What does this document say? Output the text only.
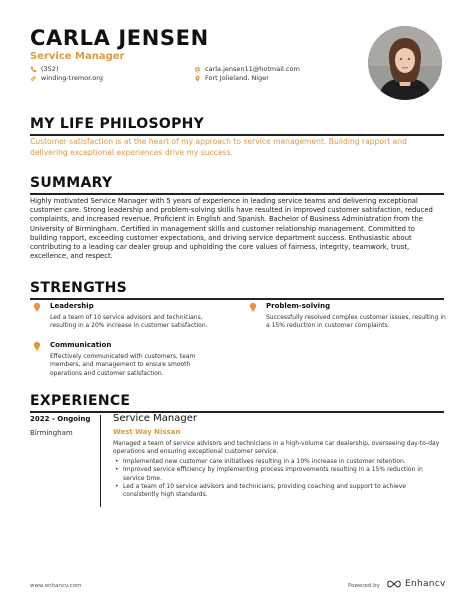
CARLA JENSEN
Service Manager
(352)
winding-tremor.org
carla.jensen11@hotmail.com
Fort Jolieland, Niger
MY LIFE PHILOSOPHY
Customer satisfaction is at the heart of my approach to service management. Building rapport and delivering exceptional experiences drive my success.
SUMMARY
Highly motivated Service Manager with 5 years of experience in leading service teams and delivering exceptional customer care. Strong leadership and problem-solving skills have resulted in improved customer satisfaction, reduced complaints, and increased revenue. Proficient in English and Spanish. Bachelor of Business Administration from the University of Birmingham. Certified in management skills and customer relationship management. Committed to building rapport, exceeding customer expectations, and driving service department success. Enthusiastic about contributing to a leading car dealer group and upholding the core values of fairness, integrity, teamwork, trust, excellence, and respect.
STRENGTHS
Leadership
Led a team of 10 service advisors and technicians, resulting in a 20% increase in customer satisfaction.
Problem-solving
Successfully resolved complex customer issues, resulting in a 15% reduction in customer complaints.
Communication
Effectively communicated with customers, team members, and management to ensure smooth operations and customer satisfaction.
EXPERIENCE
2022 - Ongoing
Birmingham
Service Manager
West Way Nissan
Managed a team of service advisors and technicians in a high-volume car dealership, overseeing day-to-day operations and ensuring exceptional customer service.
• Implemented new customer care initiatives resulting in a 10% increase in customer retention.
• Improved service efficiency by implementing process improvements resulting in a 15% reduction in service time.
• Led a team of 10 service advisors and technicians, providing coaching and support to achieve consistently high standards.
www.enhancv.com	Powered by	Enhancv
